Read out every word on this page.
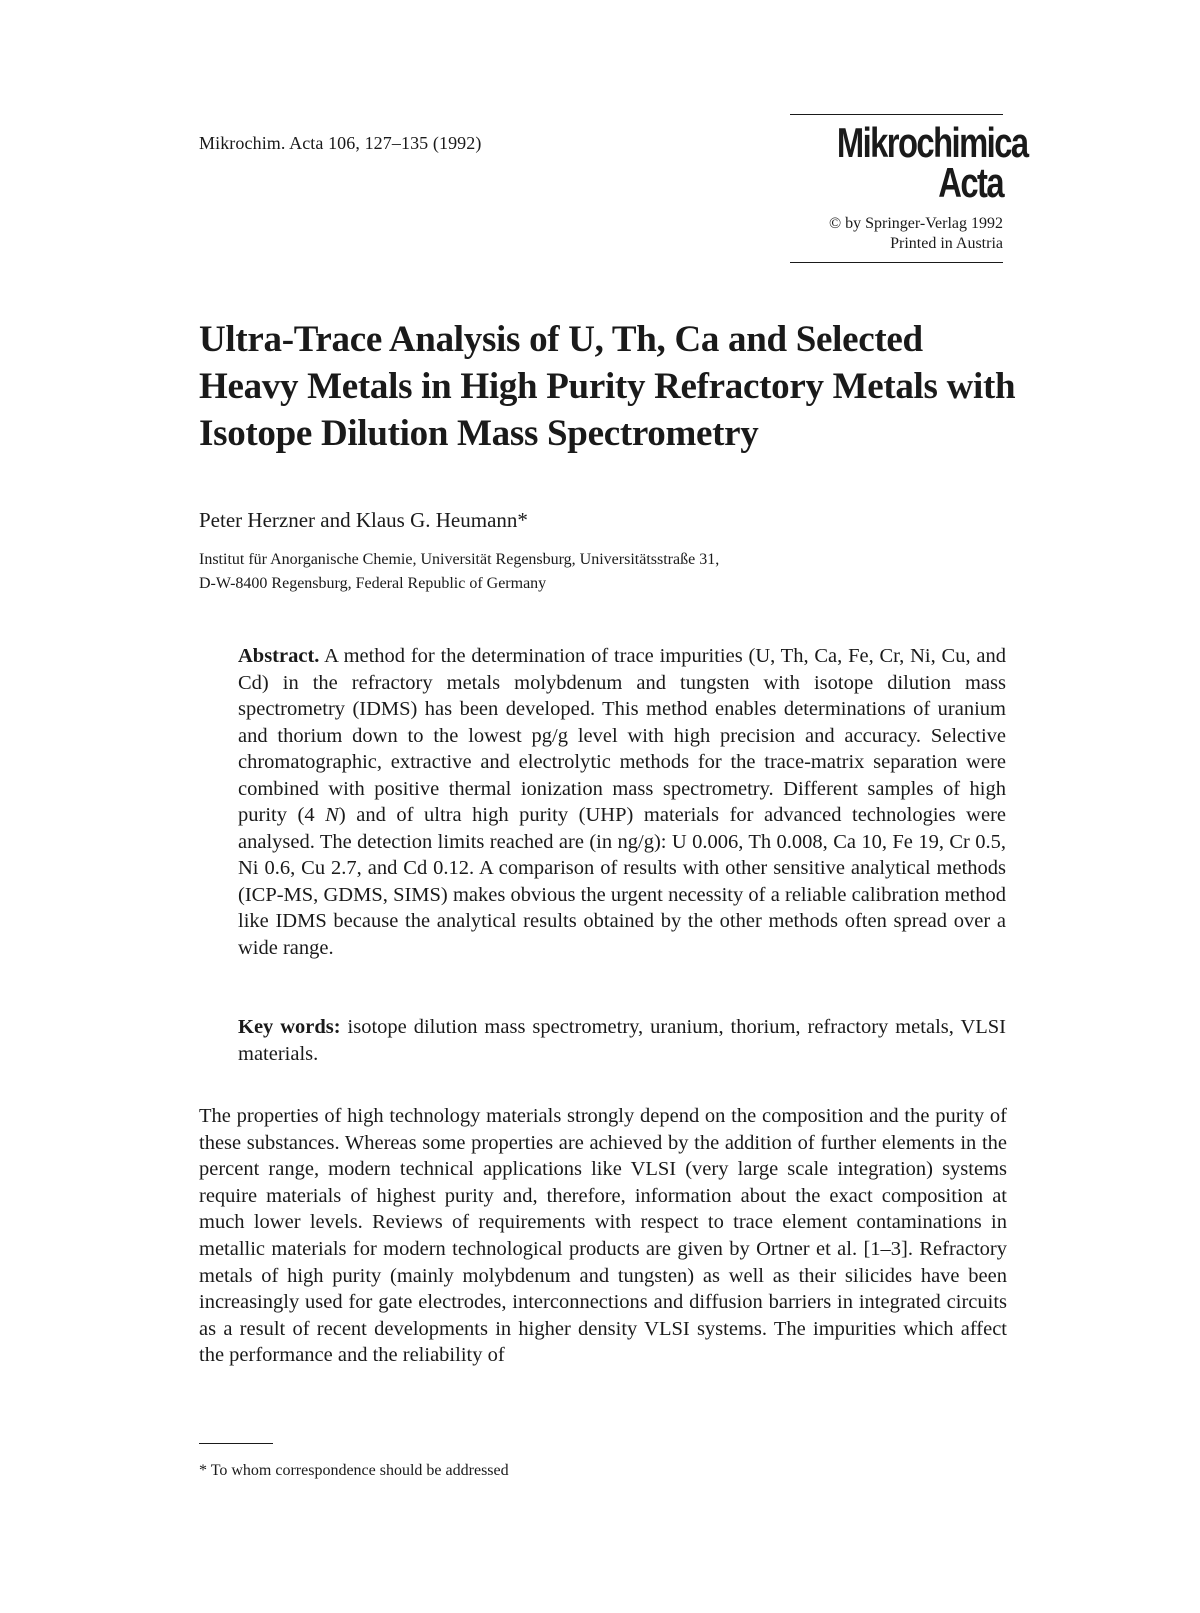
Mikrochim. Acta 106, 127–135 (1992)	Mikrochimica
Acta
© by Springer-Verlag 1992
Printed in Austria
Ultra-Trace Analysis of U, Th, Ca and Selected Heavy Metals in High Purity Refractory Metals with Isotope Dilution Mass Spectrometry
Peter Herzner and Klaus G. Heumann*
Institut für Anorganische Chemie, Universität Regensburg, Universitätsstraße 31,
D-W-8400 Regensburg, Federal Republic of Germany
Abstract. A method for the determination of trace impurities (U, Th, Ca, Fe, Cr, Ni, Cu, and Cd) in the refractory metals molybdenum and tungsten with isotope dilution mass spectrometry (IDMS) has been developed. This method enables determinations of uranium and thorium down to the lowest pg/g level with high precision and accuracy. Selective chromatographic, extractive and electrolytic methods for the trace-matrix separation were combined with positive thermal ionization mass spectrometry. Different samples of high purity (4 N) and of ultra high purity (UHP) materials for advanced technologies were analysed. The detection limits reached are (in ng/g): U 0.006, Th 0.008, Ca 10, Fe 19, Cr 0.5, Ni 0.6, Cu 2.7, and Cd 0.12. A comparison of results with other sensitive analytical methods (ICP-MS, GDMS, SIMS) makes obvious the urgent necessity of a reliable calibration method like IDMS because the analytical results obtained by the other methods often spread over a wide range.
Key words: isotope dilution mass spectrometry, uranium, thorium, refractory metals, VLSI materials.
The properties of high technology materials strongly depend on the composition and the purity of these substances. Whereas some properties are achieved by the addition of further elements in the percent range, modern technical applications like VLSI (very large scale integration) systems require materials of highest purity and, therefore, information about the exact composition at much lower levels. Reviews of requirements with respect to trace element contaminations in metallic materials for modern technological products are given by Ortner et al. [1–3]. Refractory metals of high purity (mainly molybdenum and tungsten) as well as their silicides have been increasingly used for gate electrodes, interconnections and diffusion barriers in integrated circuits as a result of recent developments in higher density VLSI systems. The impurities which affect the performance and the reliability of
* To whom correspondence should be addressed
